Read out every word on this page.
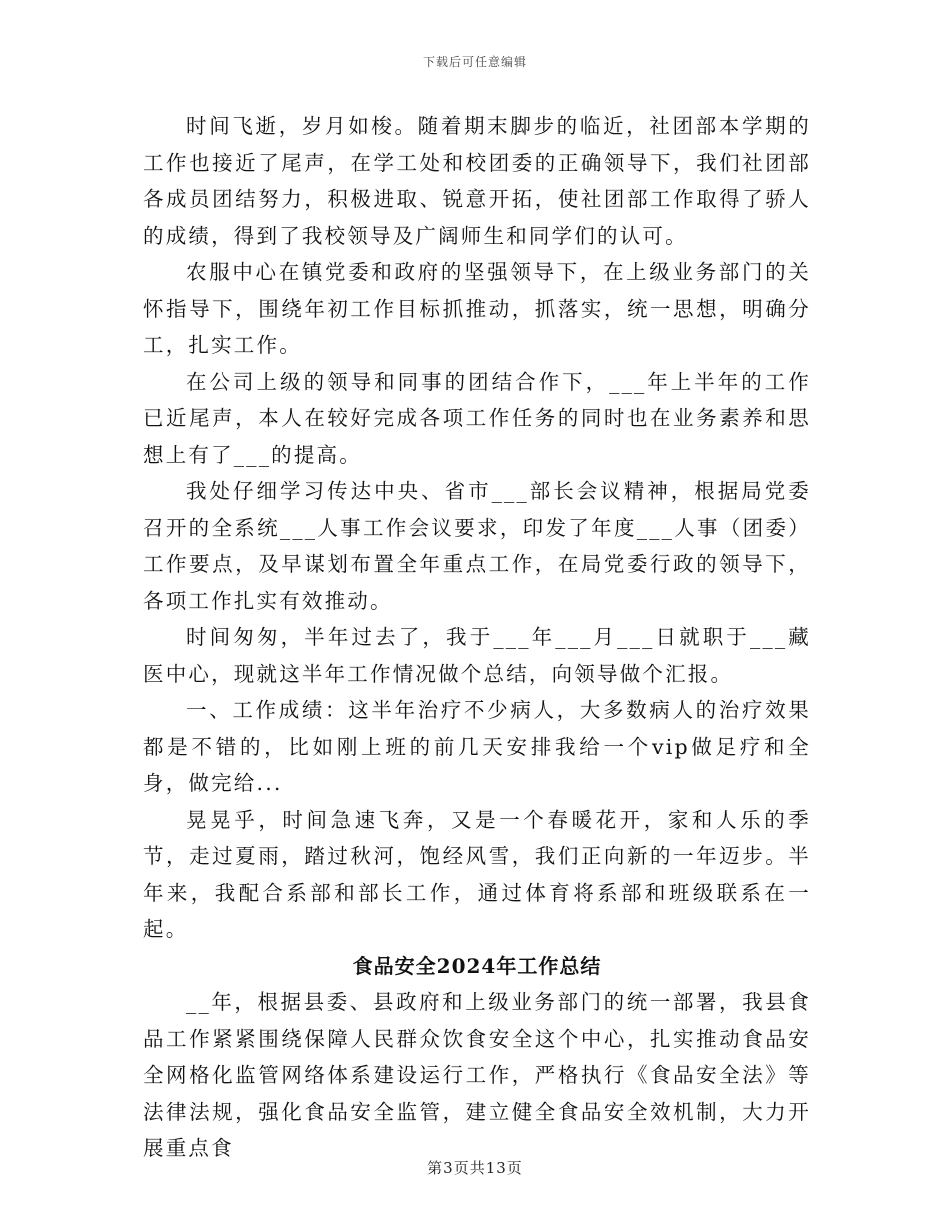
下载后可任意编辑

时间飞逝，岁月如梭。随着期末脚步的临近，社团部本学期的工作也接近了尾声，在学工处和校团委的正确领导下，我们社团部各成员团结努力，积极进取、锐意开拓，使社团部工作取得了骄人的成绩，得到了我校领导及广阔师生和同学们的认可。

农服中心在镇党委和政府的坚强领导下，在上级业务部门的关怀指导下，围绕年初工作目标抓推动，抓落实，统一思想，明确分工，扎实工作。

在公司上级的领导和同事的团结合作下，___年上半年的工作已近尾声，本人在较好完成各项工作任务的同时也在业务素养和思想上有了___的提高。

我处仔细学习传达中央、省市___部长会议精神，根据局党委召开的全系统___人事工作会议要求，印发了年度___人事（团委）工作要点，及早谋划布置全年重点工作，在局党委行政的领导下，各项工作扎实有效推动。

时间匆匆，半年过去了，我于___年___月___日就职于___藏医中心，现就这半年工作情况做个总结，向领导做个汇报。

一、工作成绩：这半年治疗不少病人，大多数病人的治疗效果都是不错的，比如刚上班的前几天安排我给一个vip做足疗和全身，做完给...

晃晃乎，时间急速飞奔，又是一个春暖花开，家和人乐的季节，走过夏雨，踏过秋河，饱经风雪，我们正向新的一年迈步。半年来，我配合系部和部长工作，通过体育将系部和班级联系在一起。

食品安全2024年工作总结

__年，根据县委、县政府和上级业务部门的统一部署，我县食品工作紧紧围绕保障人民群众饮食安全这个中心，扎实推动食品安全网格化监管网络体系建设运行工作，严格执行《食品安全法》等法律法规，强化食品安全监管，建立健全食品安全效机制，大力开展重点食

第3页共13页
